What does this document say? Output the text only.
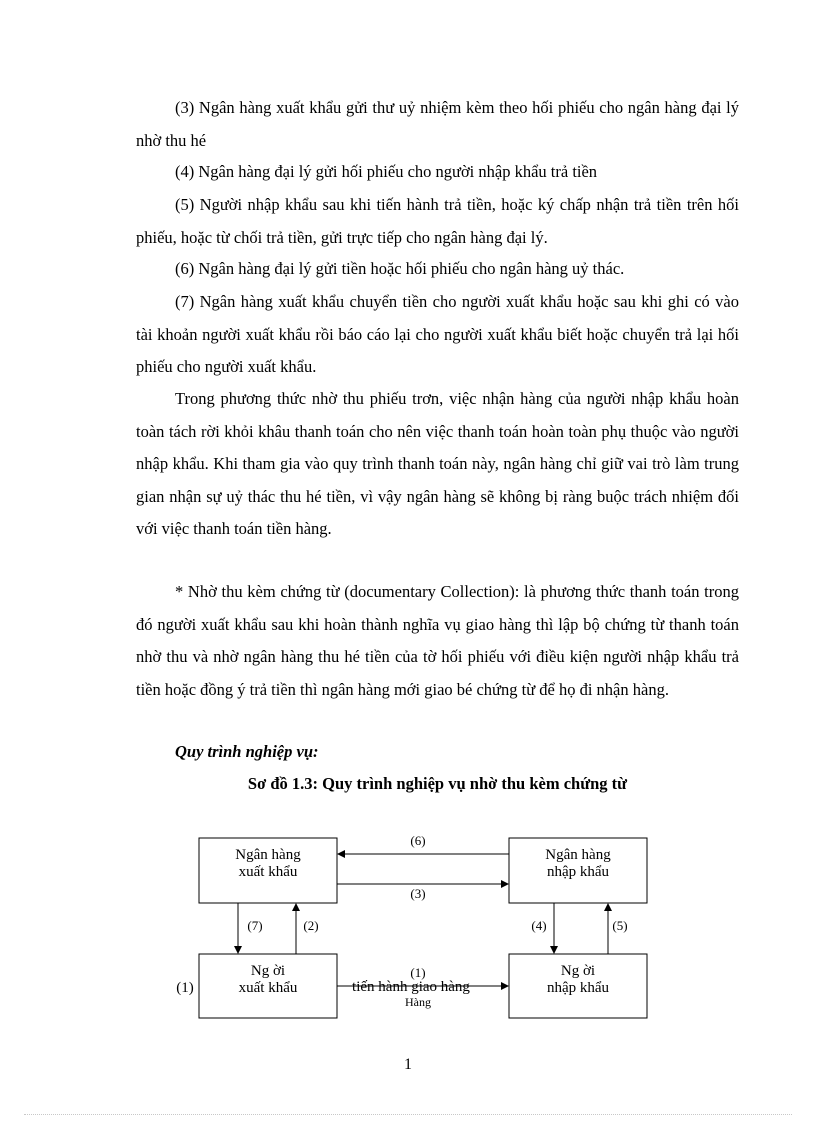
(3) Ngân hàng xuất khẩu gửi thư uỷ nhiệm kèm theo hối phiếu cho ngân hàng đại lý nhờ thu hé

(4) Ngân hàng đại lý gửi hối phiếu cho người nhập khẩu trả tiền

(5) Người nhập khẩu sau khi tiến hành trả tiền, hoặc ký chấp nhận trả tiền trên hối phiếu, hoặc từ chối trả tiền, gửi trực tiếp cho ngân hàng đại lý.

(6) Ngân hàng đại lý gửi tiền hoặc hối phiếu cho ngân hàng uỷ thác.

(7) Ngân hàng xuất khẩu chuyển tiền cho người xuất khẩu hoặc sau khi ghi có vào tài khoản người xuất khẩu rồi báo cáo lại cho người xuất khẩu biết hoặc chuyển trả lại hối phiếu cho người xuất khẩu.

Trong phương thức nhờ thu phiếu trơn, việc nhận hàng của người nhập khẩu hoàn toàn tách rời khỏi khâu thanh toán cho nên việc thanh toán hoàn toàn phụ thuộc vào người nhập khẩu. Khi tham gia vào quy trình thanh toán này, ngân hàng chỉ giữ vai trò làm trung gian nhận sự uỷ thác thu hé tiền, vì vậy ngân hàng sẽ không bị ràng buộc trách nhiệm đối với việc thanh toán tiền hàng.

* Nhờ thu kèm chứng từ (documentary Collection): là phương thức thanh toán trong đó người xuất khẩu sau khi hoàn thành nghĩa vụ giao hàng thì lập bộ chứng từ thanh toán nhờ thu và nhờ ngân hàng thu hé tiền của tờ hối phiếu với điều kiện người nhập khẩu trả tiền hoặc đồng ý trả tiền thì ngân hàng mới giao bé chứng từ để họ đi nhận hàng.

Quy trình nghiệp vụ:

Sơ đồ 1.3: Quy trình nghiệp vụ nhờ thu kèm chứng từ

Ngân hàng
xuất khẩu
Ngân hàng
nhập khẩu
Ng ời
xuất khẩu
Ng ời
nhập khẩu
(6)
(3)
(7)	(2)	(4)	(5)
(1)
tiến hành giao hàng
Hàng
(1)

1
